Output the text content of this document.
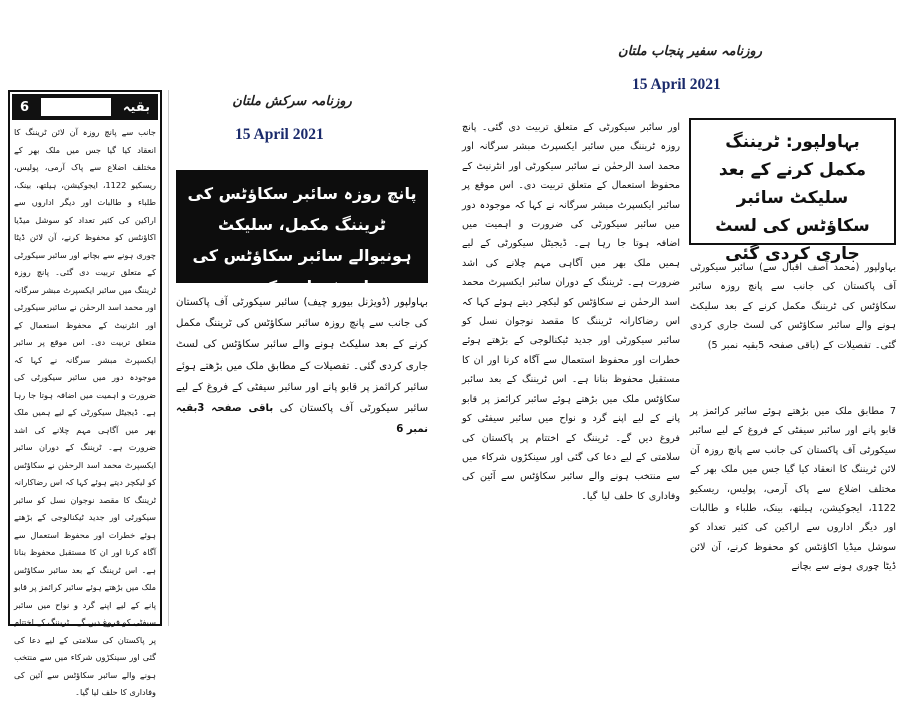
روزنامہ سفیر پنجاب ملتان
15 April 2021
بہاولپور: ٹریننگ مکمل کرنے کے بعد سلیکٹ سائبر سکاؤٹس کی لسٹ جاری کردی گئی
بہاولپور (محمد آصف اقبال سے) سائبر سیکورٹی آف پاکستان کی جانب سے پانچ روزہ سائبر سکاؤٹس کی ٹریننگ مکمل کرنے کے بعد سلیکٹ ہونے والے سائبر سکاؤٹس کی لسٹ جاری کردی گئی۔ تفصیلات کے (باقی صفحہ 5بقیہ نمبر 5)
7 مطابق ملک میں بڑھتے ہوئے سائبر کرائمز پر قابو پانے اور سائبر سیفٹی کے فروغ کے لیے سائبر سیکورٹی آف پاکستان کی جانب سے پانچ روزہ آن لائن ٹریننگ کا انعقاد کیا گیا جس میں ملک بھر کے مختلف اضلاع سے پاک آرمی، پولیس، ریسکیو 1122، ایجوکیشن، ہیلتھ، بینک، طلباء و طالبات اور دیگر اداروں سے اراکین کی کثیر تعداد کو سوشل میڈیا اکاؤنٹس کو محفوظ کرنے، آن لائن ڈیٹا چوری ہونے سے بچانے
اور سائبر سیکورٹی کے متعلق تربیت دی گئی۔ پانچ روزہ ٹریننگ میں سائبر ایکسپرٹ مبشر سرگانہ اور محمد اسد الرحمٰن نے سائبر سیکورٹی اور انٹرنیٹ کے محفوظ استعمال کے متعلق تربیت دی۔ اس موقع پر سائبر ایکسپرٹ مبشر سرگانہ نے کہا کہ موجودہ دور میں سائبر سیکورٹی کی ضرورت و اہمیت میں اضافہ ہوتا جا رہا ہے۔ ڈیجیٹل سیکورٹی کے لیے ہمیں ملک بھر میں آگاہی مہم چلانے کی اشد ضرورت ہے۔ ٹریننگ کے دوران سائبر ایکسپرٹ محمد اسد الرحمٰن نے سکاؤٹس کو لیکچر دیتے ہوئے کہا کہ اس رضاکارانہ ٹریننگ کا مقصد نوجوان نسل کو سائبر سیکورٹی اور جدید ٹیکنالوجی کے بڑھتے ہوئے خطرات اور محفوظ استعمال سے آگاہ کرنا اور ان کا مستقبل محفوظ بنانا ہے۔ اس ٹریننگ کے بعد سائبر سکاؤٹس ملک میں بڑھتے ہوئے سائبر کرائمز پر قابو پانے کے لیے اپنے گرد و نواح میں سائبر سیفٹی کو فروغ دیں گے۔ ٹریننگ کے اختتام پر پاکستان کی سلامتی کے لیے دعا کی گئی اور سینکڑوں شرکاء میں سے منتخب ہونے والے سائبر سکاؤٹس سے آئین کی وفاداری کا حلف لیا گیا۔
روزنامہ سرکش ملتان
15 April 2021
پانچ روزہ سائبر سکاؤٹس کی ٹریننگ مکمل، سلیکٹ ہونیوالے سائبر سکاؤٹس کی لسٹ جاری کردی
بہاولپور (ڈویژنل بیورو چیف) سائبر سیکورٹی آف پاکستان کی جانب سے پانچ روزہ سائبر سکاؤٹس کی ٹریننگ مکمل کرنے کے بعد سلیکٹ ہونے والے سائبر سکاؤٹس کی لسٹ جاری کردی گئی۔ تفصیلات کے مطابق ملک میں بڑھتے ہوئے سائبر کرائمز پر قابو پانے اور سائبر سیفٹی کے فروغ کے لیے سائبر سیکورٹی آف پاکستان کی باقی صفحہ 3بقیہ نمبر 6
بقیہ
6
جانب سے پانچ روزہ آن لائن ٹریننگ کا انعقاد کیا گیا جس میں ملک بھر کے مختلف اضلاع سے پاک آرمی، پولیس، ریسکیو 1122، ایجوکیشن، ہیلتھ، بینک، طلباء و طالبات اور دیگر اداروں سے اراکین کی کثیر تعداد کو سوشل میڈیا اکاؤنٹس کو محفوظ کرنے، آن لائن ڈیٹا چوری ہونے سے بچانے اور سائبر سیکورٹی کے متعلق تربیت دی گئی۔ پانچ روزہ ٹریننگ میں سائبر ایکسپرٹ مبشر سرگانہ اور محمد اسد الرحمٰن نے سائبر سیکورٹی اور انٹرنیٹ کے محفوظ استعمال کے متعلق تربیت دی۔ اس موقع پر سائبر ایکسپرٹ مبشر سرگانہ نے کہا کہ موجودہ دور میں سائبر سیکورٹی کی ضرورت و اہمیت میں اضافہ ہوتا جا رہا ہے۔ ڈیجیٹل سیکورٹی کے لیے ہمیں ملک بھر میں آگاہی مہم چلانے کی اشد ضرورت ہے۔ ٹریننگ کے دوران سائبر ایکسپرٹ محمد اسد الرحمٰن نے سکاؤٹس کو لیکچر دیتے ہوئے کہا کہ اس رضاکارانہ ٹریننگ کا مقصد نوجوان نسل کو سائبر سیکورٹی اور جدید ٹیکنالوجی کے بڑھتے ہوئے خطرات اور محفوظ استعمال سے آگاہ کرنا اور ان کا مستقبل محفوظ بنانا ہے۔ اس ٹریننگ کے بعد سائبر سکاؤٹس ملک میں بڑھتے ہوئے سائبر کرائمز پر قابو پانے کے لیے اپنے گرد و نواح میں سائبر سیفٹی کو فروغ دیں گے۔ ٹریننگ کے اختتام پر پاکستان کی سلامتی کے لیے دعا کی گئی اور سینکڑوں شرکاء میں سے منتخب ہونے والے سائبر سکاؤٹس سے آئین کی وفاداری کا حلف لیا گیا۔
